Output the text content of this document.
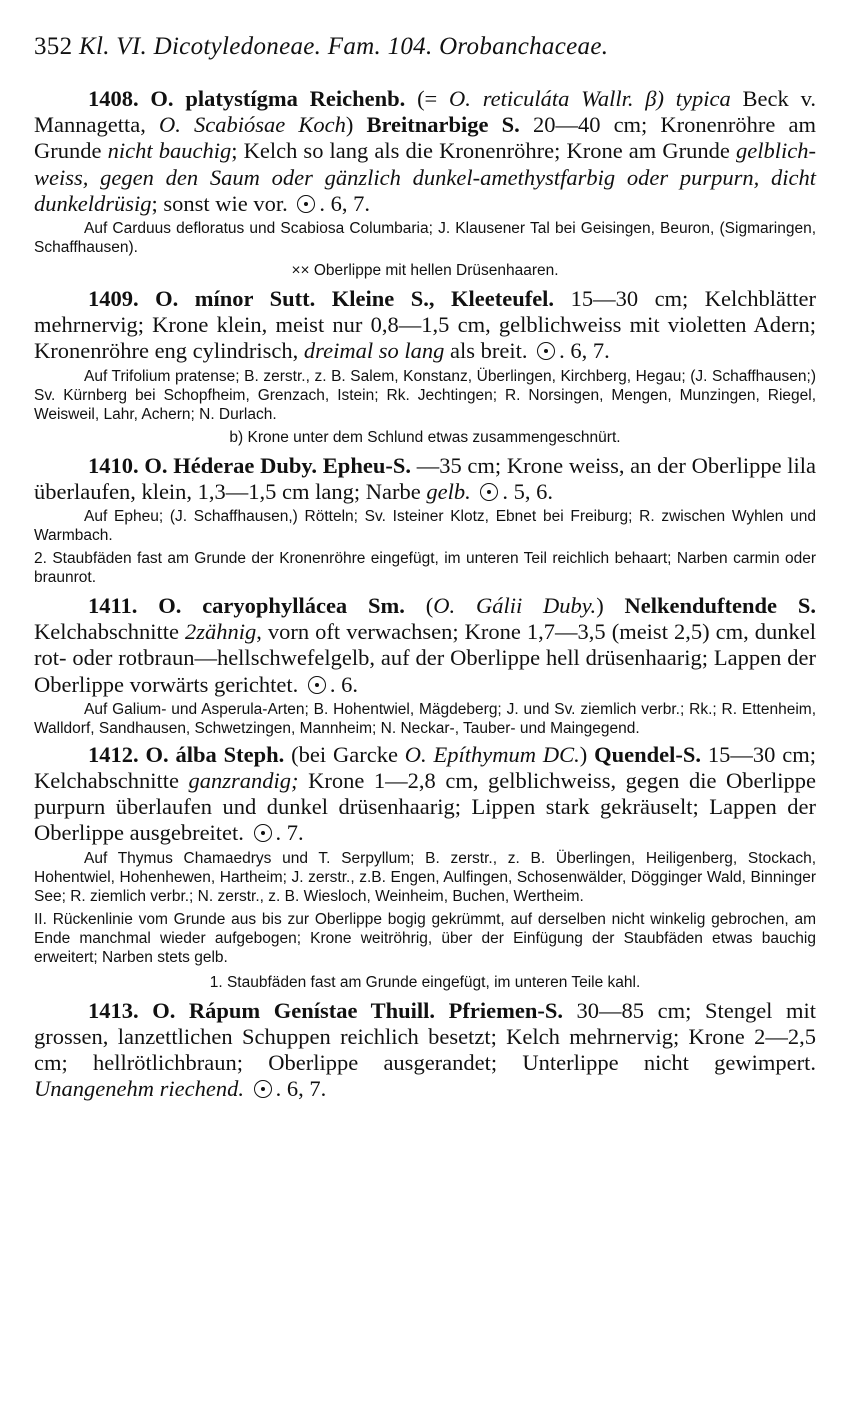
352 Kl. VI. Dicotyledoneae. Fam. 104. Orobanchaceae.

1408. O. platystígma Reichenb. (= O. reticuláta Wallr. β) typica Beck v. Mannagetta, O. Scabiósae Koch) Breitnarbige S. 20—40 cm; Kronenröhre am Grunde nicht bauchig; Kelch so lang als die Kronenröhre; Krone am Grunde gelblich-weiss, gegen den Saum oder gänzlich dunkel-amethystfarbig oder purpurn, dicht dunkeldrüsig; sonst wie vor. . 6, 7.

Auf Carduus defloratus und Scabiosa Columbaria; J. Klausener Tal bei Geisingen, Beuron, (Sigmaringen, Schaffhausen).

×× Oberlippe mit hellen Drüsenhaaren.

1409. O. mínor Sutt. Kleine S., Kleeteufel. 15—30 cm; Kelchblätter mehrnervig; Krone klein, meist nur 0,8—1,5 cm, gelblichweiss mit violetten Adern; Kronenröhre eng cylindrisch, dreimal so lang als breit. . 6, 7.

Auf Trifolium pratense; B. zerstr., z. B. Salem, Konstanz, Überlingen, Kirchberg, Hegau; (J. Schaffhausen;) Sv. Kürnberg bei Schopfheim, Grenzach, Istein; Rk. Jechtingen; R. Norsingen, Mengen, Munzingen, Riegel, Weisweil, Lahr, Achern; N. Durlach.

b) Krone unter dem Schlund etwas zusammengeschnürt.

1410. O. Héderae Duby. Epheu-S. —35 cm; Krone weiss, an der Oberlippe lila überlaufen, klein, 1,3—1,5 cm lang; Narbe gelb. . 5, 6.

Auf Epheu; (J. Schaffhausen,) Rötteln; Sv. Isteiner Klotz, Ebnet bei Freiburg; R. zwischen Wyhlen und Warmbach.

2. Staubfäden fast am Grunde der Kronenröhre eingefügt, im unteren Teil reichlich behaart; Narben carmin oder braunrot.

1411. O. caryophyllácea Sm. (O. Gálii Duby.) Nelkenduftende S. Kelchabschnitte 2zähnig, vorn oft verwachsen; Krone 1,7—3,5 (meist 2,5) cm, dunkel rot- oder rotbraun—hellschwefelgelb, auf der Oberlippe hell drüsenhaarig; Lappen der Oberlippe vorwärts gerichtet. . 6.

Auf Galium- und Asperula-Arten; B. Hohentwiel, Mägdeberg; J. und Sv. ziemlich verbr.; Rk.; R. Ettenheim, Walldorf, Sandhausen, Schwetzingen, Mannheim; N. Neckar-, Tauber- und Maingegend.

1412. O. álba Steph. (bei Garcke O. Epíthymum DC.) Quendel-S. 15—30 cm; Kelchabschnitte ganzrandig; Krone 1—2,8 cm, gelblichweiss, gegen die Oberlippe purpurn überlaufen und dunkel drüsenhaarig; Lippen stark gekräuselt; Lappen der Oberlippe ausgebreitet. . 7.

Auf Thymus Chamaedrys und T. Serpyllum; B. zerstr., z. B. Überlingen, Heiligenberg, Stockach, Hohentwiel, Hohenhewen, Hartheim; J. zerstr., z.B. Engen, Aulfingen, Schosenwälder, Dögginger Wald, Binninger See; R. ziemlich verbr.; N. zerstr., z. B. Wiesloch, Weinheim, Buchen, Wertheim.

II. Rückenlinie vom Grunde aus bis zur Oberlippe bogig gekrümmt, auf derselben nicht winkelig gebrochen, am Ende manchmal wieder aufgebogen; Krone weitröhrig, über der Einfügung der Staubfäden etwas bauchig erweitert; Narben stets gelb.

1. Staubfäden fast am Grunde eingefügt, im unteren Teile kahl.

1413. O. Rápum Genístae Thuill. Pfriemen-S. 30—85 cm; Stengel mit grossen, lanzettlichen Schuppen reichlich besetzt; Kelch mehrnervig; Krone 2—2,5 cm; hellrötlichbraun; Oberlippe ausgerandet; Unterlippe nicht gewimpert. Unangenehm riechend. . 6, 7.
